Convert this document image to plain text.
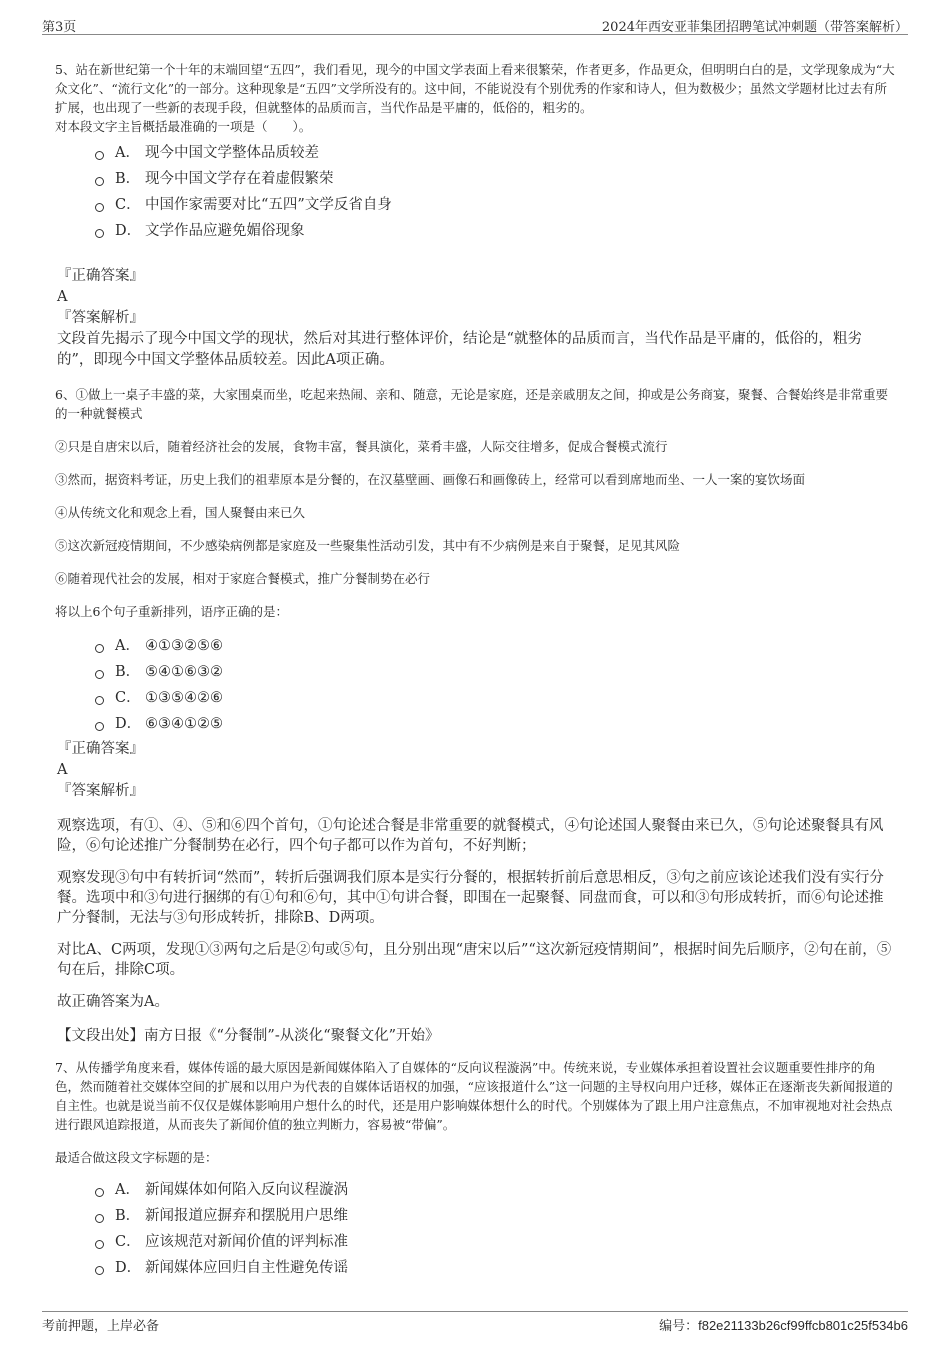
第3页	2024年西安亚菲集团招聘笔试冲刺题（带答案解析）

5、站在新世纪第一个十年的末端回望“五四”，我们看见，现今的中国文学表面上看来很繁荣，作者更多，作品更众，但明明白白的是，文学现象成为“大众文化”、“流行文化”的一部分。这种现象是“五四”文学所没有的。这中间，不能说没有个别优秀的作家和诗人，但为数极少；虽然文学题材比过去有所扩展，也出现了一些新的表现手段，但就整体的品质而言，当代作品是平庸的，低俗的，粗劣的。

对本段文字主旨概括最准确的一项是（　　）。

A． 现今中国文学整体品质较差
B． 现今中国文学存在着虚假繁荣
C． 中国作家需要对比“五四”文学反省自身
D． 文学作品应避免媚俗现象

『正确答案』

A

『答案解析』

文段首先揭示了现今中国文学的现状，然后对其进行整体评价，结论是“就整体的品质而言，当代作品是平庸的，低俗的，粗劣的”，即现今中国文学整体品质较差。因此A项正确。

6、①做上一桌子丰盛的菜，大家围桌而坐，吃起来热闹、亲和、随意，无论是家庭，还是亲戚朋友之间，抑或是公务商宴，聚餐、合餐始终是非常重要的一种就餐模式

②只是自唐宋以后，随着经济社会的发展，食物丰富，餐具演化，菜肴丰盛，人际交往增多，促成合餐模式流行

③然而，据资料考证，历史上我们的祖辈原本是分餐的，在汉墓壁画、画像石和画像砖上，经常可以看到席地而坐、一人一案的宴饮场面

④从传统文化和观念上看，国人聚餐由来已久

⑤这次新冠疫情期间，不少感染病例都是家庭及一些聚集性活动引发，其中有不少病例是来自于聚餐，足见其风险

⑥随着现代社会的发展，相对于家庭合餐模式，推广分餐制势在必行

将以上6个句子重新排列，语序正确的是：

A． ④①③②⑤⑥
B． ⑤④①⑥③②
C． ①③⑤④②⑥
D． ⑥③④①②⑤

『正确答案』

A

『答案解析』

观察选项，有①、④、⑤和⑥四个首句，①句论述合餐是非常重要的就餐模式，④句论述国人聚餐由来已久，⑤句论述聚餐具有风险，⑥句论述推广分餐制势在必行，四个句子都可以作为首句，不好判断；

观察发现③句中有转折词“然而”，转折后强调我们原本是实行分餐的，根据转折前后意思相反，③句之前应该论述我们没有实行分餐。选项中和③句进行捆绑的有①句和⑥句，其中①句讲合餐，即围在一起聚餐、同盘而食，可以和③句形成转折，而⑥句论述推广分餐制，无法与③句形成转折，排除B、D两项。

对比A、C两项，发现①③两句之后是②句或⑤句，且分别出现“唐宋以后”“这次新冠疫情期间”，根据时间先后顺序，②句在前，⑤句在后，排除C项。

故正确答案为A。

【文段出处】南方日报《“分餐制”-从淡化“聚餐文化”开始》

7、从传播学角度来看，媒体传谣的最大原因是新闻媒体陷入了自媒体的“反向议程漩涡”中。传统来说，专业媒体承担着设置社会议题重要性排序的角色，然而随着社交媒体空间的扩展和以用户为代表的自媒体话语权的加强，“应该报道什么”这一问题的主导权向用户迁移，媒体正在逐渐丧失新闻报道的自主性。也就是说当前不仅仅是媒体影响用户想什么的时代，还是用户影响媒体想什么的时代。个别媒体为了跟上用户注意焦点，不加审视地对社会热点进行跟风追踪报道，从而丧失了新闻价值的独立判断力，容易被“带偏”。

最适合做这段文字标题的是：

A． 新闻媒体如何陷入反向议程漩涡
B． 新闻报道应摒弃和摆脱用户思维
C． 应该规范对新闻价值的评判标准
D． 新闻媒体应回归自主性避免传谣
考前押题，上岸必备	编号：f82e21133b26cf99ffcb801c25f534b6
